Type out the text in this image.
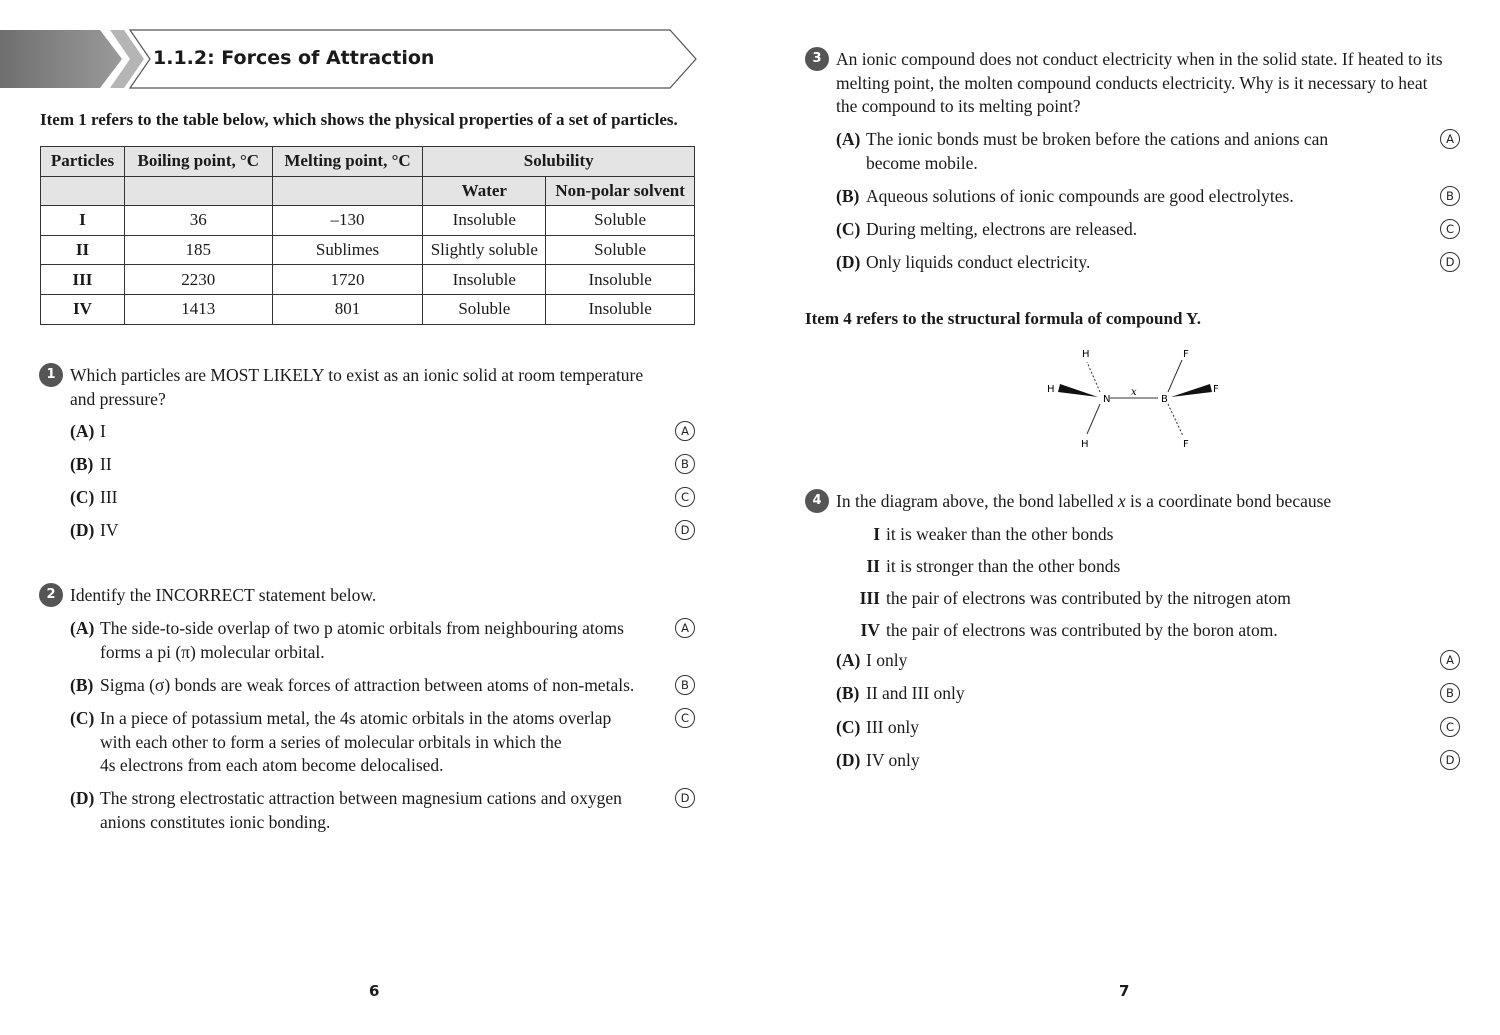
1.1.2: Forces of Attraction
Item 1 refers to the table below, which shows the physical properties of a set of particles.
Particles	Boiling point, °C	Melting point, °C	Solubility	
			Water	Non-polar solvent
I	36	–130	Insoluble	Soluble
II	185	Sublimes	Slightly soluble	Soluble
III	2230	1720	Insoluble	Insoluble
IV	1413	801	Soluble	Insoluble
1 Which particles are MOST LIKELY to exist as an ionic solid at room temperature and pressure?
(A) I	A
(B) II	B
(C) III	C
(D) IV	D
2 Identify the INCORRECT statement below.
(A) The side-to-side overlap of two p atomic orbitals from neighbouring atoms
forms a pi (π) molecular orbital.
A
(B) Sigma (σ) bonds are weak forces of attraction between atoms of non-metals.	B
(C) In a piece of potassium metal, the 4s atomic orbitals in the atoms overlap
with each other to form a series of molecular orbitals in which the
4s electrons from each atom become delocalised.
C
(D) The strong electrostatic attraction between magnesium cations and oxygen
anions constitutes ionic bonding.
D
6
3 An ionic compound does not conduct electricity when in the solid state. If heated to its
melting point, the molten compound conducts electricity. Why is it necessary to heat
the compound to its melting point?
(A) The ionic bonds must be broken before the cations and anions can
become mobile.
A
(B) Aqueous solutions of ionic compounds are good electrolytes.	B
(C) During melting, electrons are released.	C
(D) Only liquids conduct electricity.	D
Item 4 refers to the structural formula of compound Y.
N	B
H
H
H
F
F
F
x
4 In the diagram above, the bond labelled x is a coordinate bond because
I it is weaker than the other bonds
II it is stronger than the other bonds
III the pair of electrons was contributed by the nitrogen atom
IV the pair of electrons was contributed by the boron atom.
(A) I only	A
(B) II and III only	B
(C) III only	C
(D) IV only	D
7
